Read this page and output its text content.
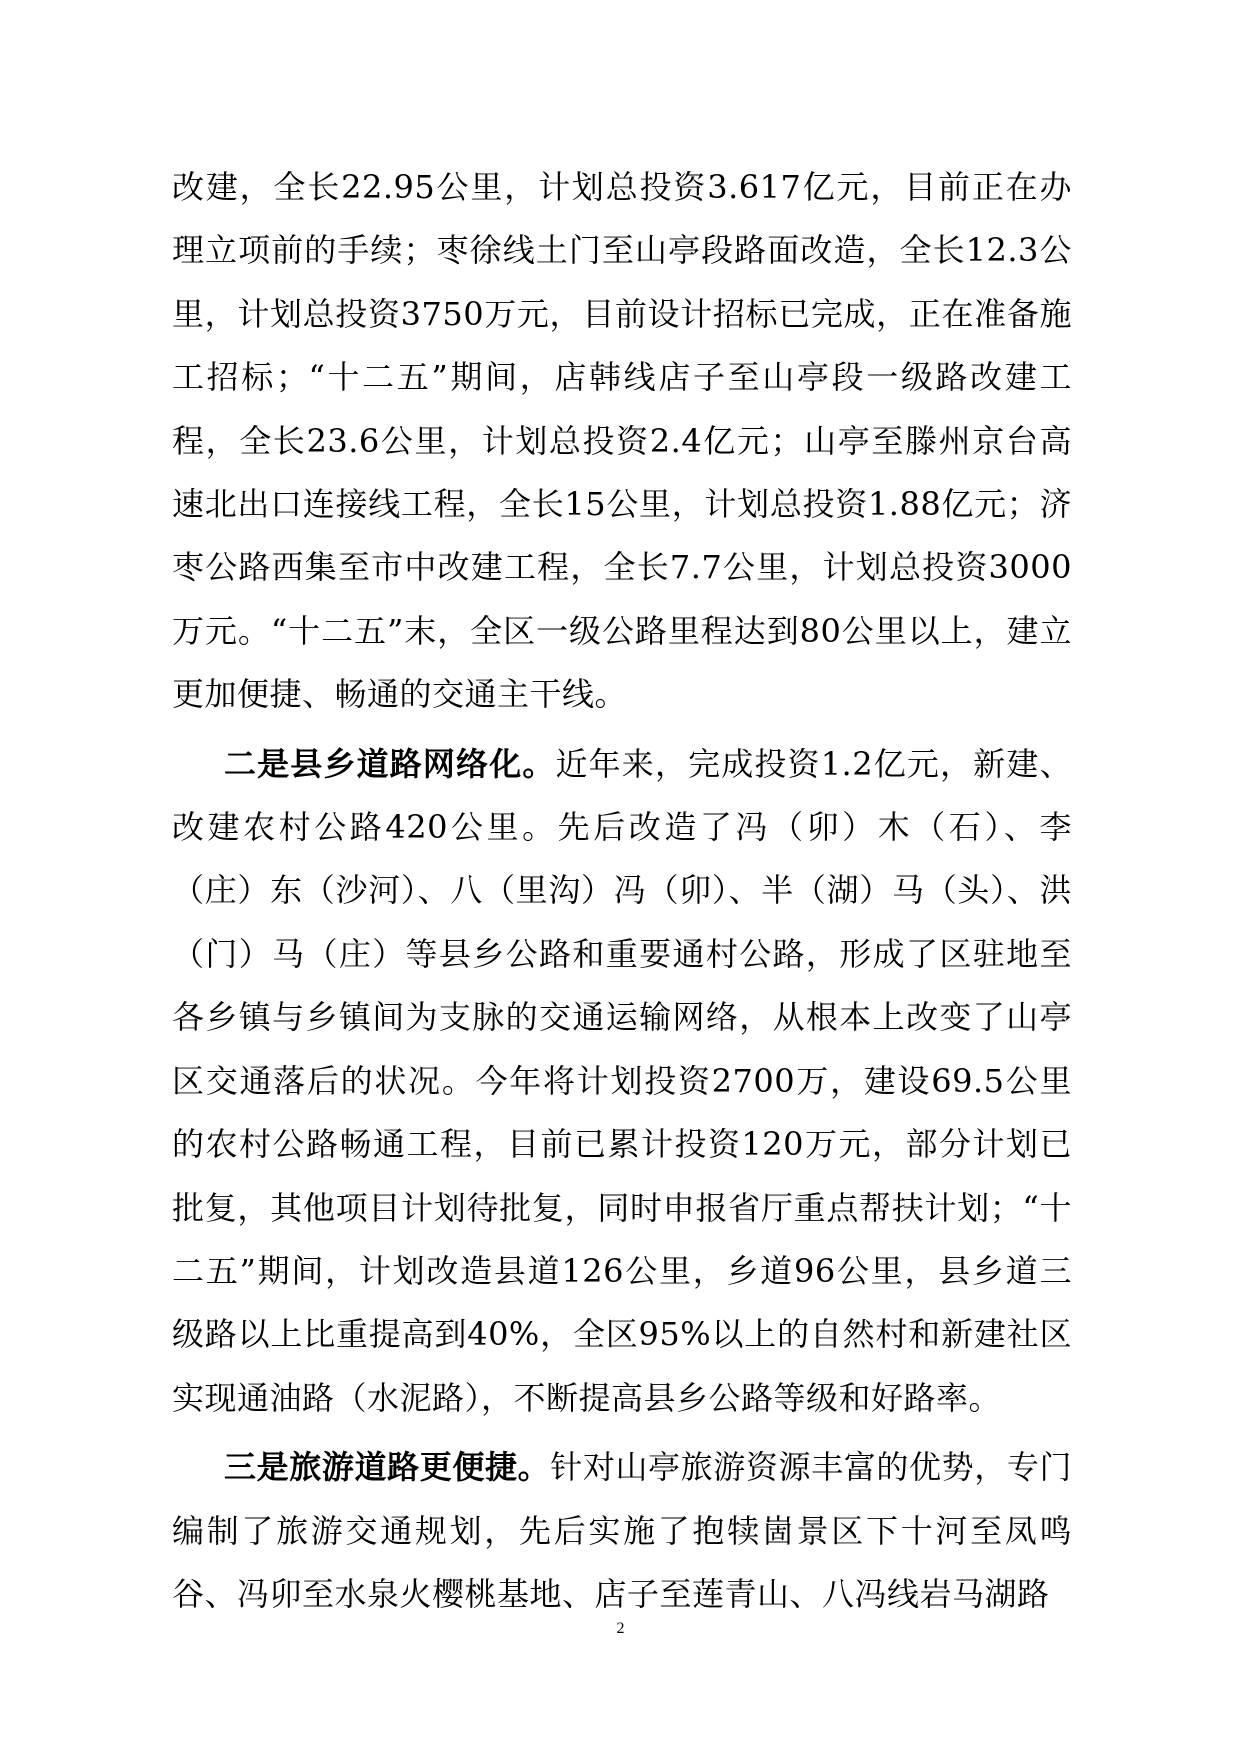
改建，全长22.95公里，计划总投资3.617亿元，目前正在办理立项前的手续；枣徐线土门至山亭段路面改造，全长12.3公里，计划总投资3750万元，目前设计招标已完成，正在准备施工招标；“十二五”期间，店韩线店子至山亭段一级路改建工程，全长23.6公里，计划总投资2.4亿元；山亭至滕州京台高速北出口连接线工程，全长15公里，计划总投资1.88亿元；济枣公路西集至市中改建工程，全长7.7公里，计划总投资3000万元。“十二五”末，全区一级公路里程达到80公里以上，建立更加便捷、畅通的交通主干线。

二是县乡道路网络化。近年来，完成投资1.2亿元，新建、改建农村公路420公里。先后改造了冯（卯）木（石）、李（庄）东（沙河）、八（里沟）冯（卯）、半（湖）马（头）、洪（门）马（庄）等县乡公路和重要通村公路，形成了区驻地至各乡镇与乡镇间为支脉的交通运输网络，从根本上改变了山亭区交通落后的状况。今年将计划投资2700万，建设69.5公里的农村公路畅通工程，目前已累计投资120万元，部分计划已批复，其他项目计划待批复，同时申报省厅重点帮扶计划；“十二五”期间，计划改造县道126公里，乡道96公里，县乡道三级路以上比重提高到40%，全区95%以上的自然村和新建社区实现通油路（水泥路），不断提高县乡公路等级和好路率。

三是旅游道路更便捷。针对山亭旅游资源丰富的优势，专门编制了旅游交通规划，先后实施了抱犊崮景区下十河至凤鸣谷、冯卯至水泉火樱桃基地、店子至莲青山、八冯线岩马湖路

2
